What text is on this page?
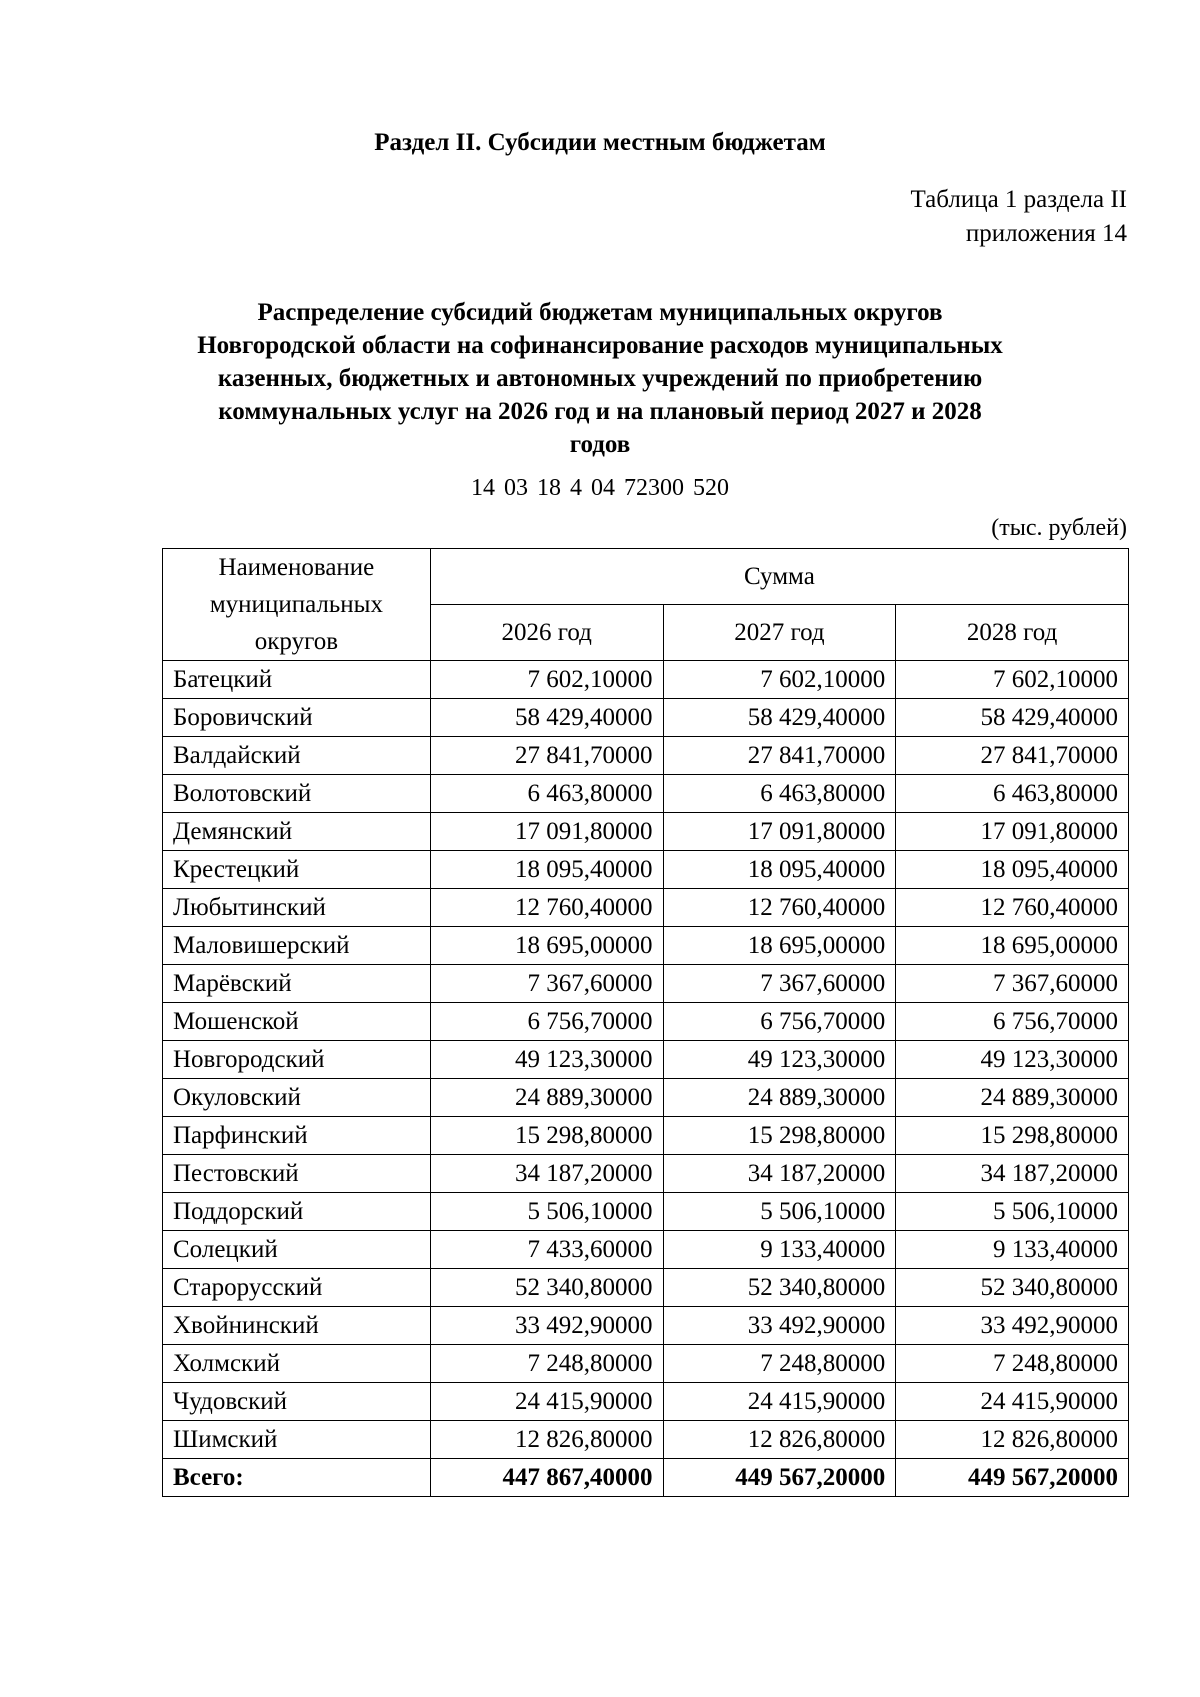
Раздел II. Субсидии местным бюджетам
Таблица 1 раздела II
приложения 14
Распределение субсидий бюджетам муниципальных округов
Новгородской области на софинансирование расходов муниципальных
казенных, бюджетных и автономных учреждений по приобретению
коммунальных услуг на 2026 год и на плановый период 2027 и 2028
годов
14 03 18 4 04 72300 520
(тыс. рублей)
Наименование муниципальных округов	Сумма		
	2026 год	2027 год	2028 год
Батецкий	7 602,10000	7 602,10000	7 602,10000
Боровичский	58 429,40000	58 429,40000	58 429,40000
Валдайский	27 841,70000	27 841,70000	27 841,70000
Волотовский	6 463,80000	6 463,80000	6 463,80000
Демянский	17 091,80000	17 091,80000	17 091,80000
Крестецкий	18 095,40000	18 095,40000	18 095,40000
Любытинский	12 760,40000	12 760,40000	12 760,40000
Маловишерский	18 695,00000	18 695,00000	18 695,00000
Марёвский	7 367,60000	7 367,60000	7 367,60000
Мошенской	6 756,70000	6 756,70000	6 756,70000
Новгородский	49 123,30000	49 123,30000	49 123,30000
Окуловский	24 889,30000	24 889,30000	24 889,30000
Парфинский	15 298,80000	15 298,80000	15 298,80000
Пестовский	34 187,20000	34 187,20000	34 187,20000
Поддорский	5 506,10000	5 506,10000	5 506,10000
Солецкий	7 433,60000	9 133,40000	9 133,40000
Старорусский	52 340,80000	52 340,80000	52 340,80000
Хвойнинский	33 492,90000	33 492,90000	33 492,90000
Холмский	7 248,80000	7 248,80000	7 248,80000
Чудовский	24 415,90000	24 415,90000	24 415,90000
Шимский	12 826,80000	12 826,80000	12 826,80000
Всего:	447 867,40000	449 567,20000	449 567,20000
